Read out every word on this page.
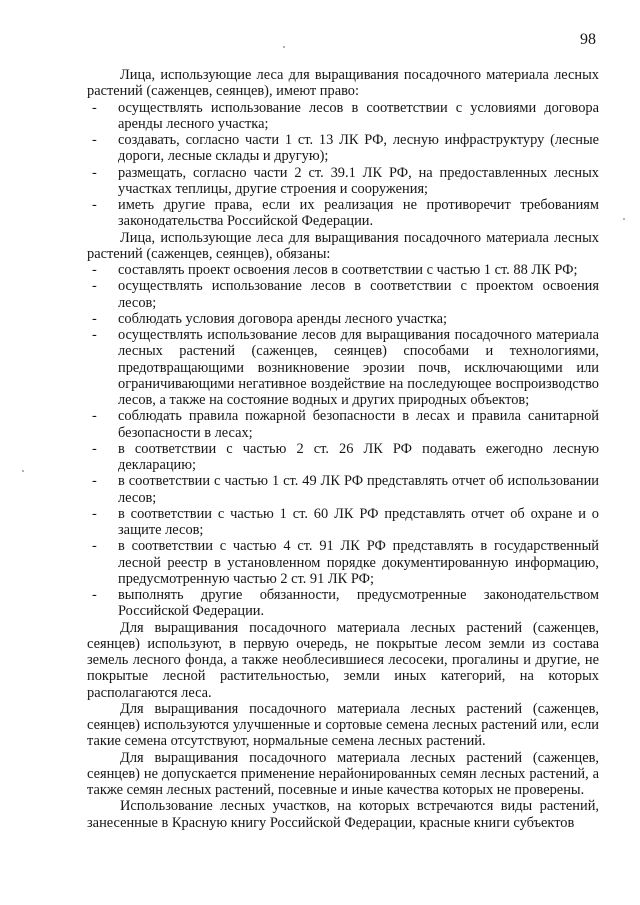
98

Лица, использующие леса для выращивания посадочного материала лесных растений (саженцев, сеянцев), имеют право:

- осуществлять использование лесов в соответствии с условиями договора аренды лесного участка;
- создавать, согласно части 1 ст. 13 ЛК РФ, лесную инфраструктуру (лесные дороги, лесные склады и другую);
- размещать, согласно части 2 ст. 39.1 ЛК РФ, на предоставленных лесных участках теплицы, другие строения и сооружения;
- иметь другие права, если их реализация не противоречит требованиям законодательства Российской Федерации.

Лица, использующие леса для выращивания посадочного материала лесных растений (саженцев, сеянцев), обязаны:

- составлять проект освоения лесов в соответствии с частью 1 ст. 88 ЛК РФ;
- осуществлять использование лесов в соответствии с проектом освоения лесов;
- соблюдать условия договора аренды лесного участка;
- осуществлять использование лесов для выращивания посадочного материала лесных растений (саженцев, сеянцев) способами и технологиями, предотвращающими возникновение эрозии почв, исключающими или ограничивающими негативное воздействие на последующее воспроизводство лесов, а также на состояние водных и других природных объектов;
- соблюдать правила пожарной безопасности в лесах и правила санитарной безопасности в лесах;
- в соответствии с частью 2 ст. 26 ЛК РФ подавать ежегодно лесную декларацию;
- в соответствии с частью 1 ст. 49 ЛК РФ представлять отчет об использовании лесов;
- в соответствии с частью 1 ст. 60 ЛК РФ представлять отчет об охране и о защите лесов;
- в соответствии с частью 4 ст. 91 ЛК РФ представлять в государственный лесной реестр в установленном порядке документированную информацию, предусмотренную частью 2 ст. 91 ЛК РФ;
- выполнять другие обязанности, предусмотренные законодательством Российской Федерации.

Для выращивания посадочного материала лесных растений (саженцев, сеянцев) используют, в первую очередь, не покрытые лесом земли из состава земель лесного фонда, а также необлесившиеся лесосеки, прогалины и другие, не покрытые лесной растительностью, земли иных категорий, на которых располагаются леса.

Для выращивания посадочного материала лесных растений (саженцев, сеянцев) используются улучшенные и сортовые семена лесных растений или, если такие семена отсутствуют, нормальные семена лесных растений.

Для выращивания посадочного материала лесных растений (саженцев, сеянцев) не допускается применение нерайонированных семян лесных растений, а также семян лесных растений, посевные и иные качества которых не проверены.

Использование лесных участков, на которых встречаются виды растений, занесенные в Красную книгу Российской Федерации, красные книги субъектов
